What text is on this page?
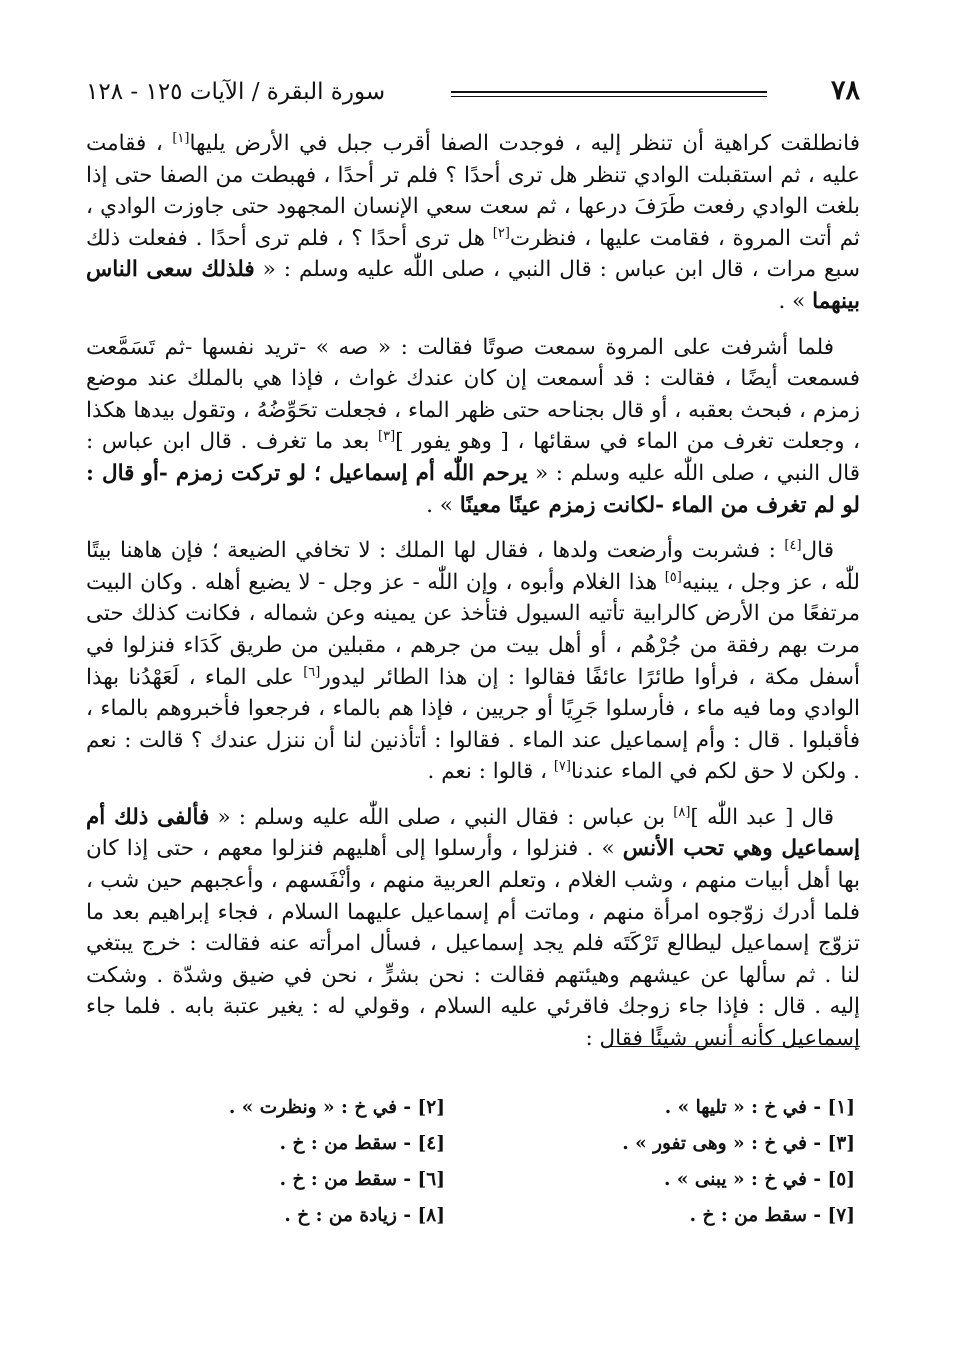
٧٨
سورة البقرة / الآيات ١٢٥ - ١٢٨

فانطلقت كراهية أن تنظر إليه ، فوجدت الصفا أقرب جبل في الأرض يليها[١] ، فقامت عليه ، ثم استقبلت الوادي تنظر هل ترى أحدًا ؟ فلم تر أحدًا ، فهبطت من الصفا حتى إذا بلغت الوادي رفعت طَرَفَ درعها ، ثم سعت سعي الإنسان المجهود حتى جاوزت الوادي ، ثم أتت المروة ، فقامت عليها ، فنظرت[٢] هل ترى أحدًا ؟ ، فلم ترى أحدًا . ففعلت ذلك سبع مرات ، قال ابن عباس : قال النبي ، صلى اللّٰه عليه وسلم : « فلذلك سعى الناس بينهما » .

فلما أشرفت على المروة سمعت صوتًا فقالت : « صه » -تريد نفسها -ثم تَسَمَّعت فسمعت أيضًا ، فقالت : قد أسمعت إن كان عندك غواث ، فإذا هي بالملك عند موضع زمزم ، فبحث بعقبه ، أو قال بجناحه حتى ظهر الماء ، فجعلت تحَوِّضُهُ ، وتقول بيدها هكذا ، وجعلت تغرف من الماء في سقائها ، [ وهو يفور ][٣] بعد ما تغرف . قال ابن عباس : قال النبي ، صلى اللّٰه عليه وسلم : « يرحم اللّٰه أم إسماعيل ؛ لو تركت زمزم -أو قال : لو لم تغرف من الماء -لكانت زمزم عينًا معينًا » .

قال[٤] : فشربت وأرضعت ولدها ، فقال لها الملك : لا تخافي الضيعة ؛ فإن هاهنا بيتًا للّٰه ، عز وجل ، يبنيه[٥] هذا الغلام وأبوه ، وإن اللّٰه - عز وجل - لا يضيع أهله . وكان البيت مرتفعًا من الأرض كالرابية تأتيه السيول فتأخذ عن يمينه وعن شماله ، فكانت كذلك حتى مرت بهم رفقة من جُرْهُم ، أو أهل بيت من جرهم ، مقبلين من طريق كَدَاء فنزلوا في أسفل مكة ، فرأوا طائرًا عائفًا فقالوا : إن هذا الطائر ليدور[٦] على الماء ، لَعَهْدُنا بهذا الوادي وما فيه ماء ، فأرسلوا جَرِيًا أو جريين ، فإذا هم بالماء ، فرجعوا فأخبروهم بالماء ، فأقبلوا . قال : وأم إسماعيل عند الماء . فقالوا : أتأذنين لنا أن ننزل عندك ؟ قالت : نعم . ولكن لا حق لكم في الماء عندنا[٧] ، قالوا : نعم .

قال [ عبد اللّٰه ][٨] بن عباس : فقال النبي ، صلى اللّٰه عليه وسلم : « فألفى ذلك أم إسماعيل وهي تحب الأنس » . فنزلوا ، وأرسلوا إلى أهليهم فنزلوا معهم ، حتى إذا كان بها أهل أبيات منهم ، وشب الغلام ، وتعلم العربية منهم ، وأنْفَسهم ، وأعجبهم حين شب ، فلما أدرك زوّجوه امرأة منهم ، وماتت أم إسماعيل عليهما السلام ، فجاء إبراهيم بعد ما تزوّج إسماعيل ليطالع تَرْكَتَه فلم يجد إسماعيل ، فسأل امرأته عنه فقالت : خرج يبتغي لنا . ثم سألها عن عيشهم وهيئتهم فقالت : نحن بشرٍّ ، نحن في ضيق وشدّة . وشكت إليه . قال : فإذا جاء زوجك فاقرئي عليه السلام ، وقولي له : يغير عتبة بابه . فلما جاء إسماعيل كأنه أنس شيئًا فقال :

[١] - في خ : « تليها » .
[٣] - في خ : « وهى تفور » .
[٥] - في خ : « يبنى » .
[٧] - سقط من : خ .
[٢] - في خ : « ونظرت » .
[٤] - سقط من : خ .
[٦] - سقط من : خ .
[٨] - زيادة من : خ .
